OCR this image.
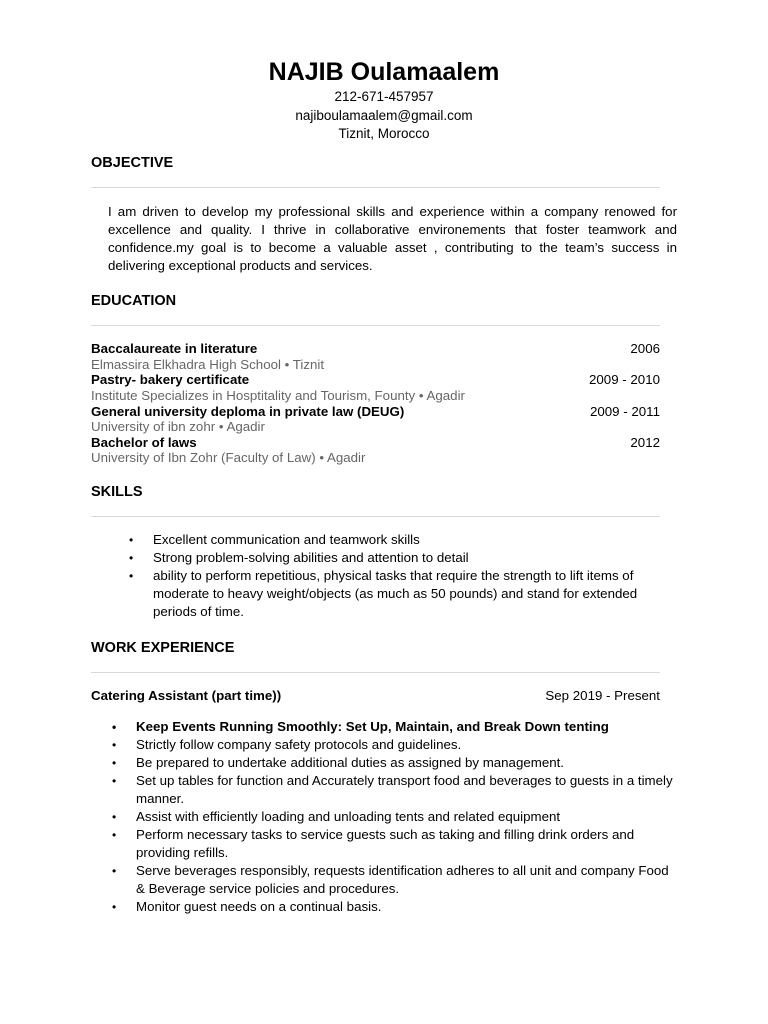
NAJIB Oulamaalem
212-671-457957
najiboulamaalem@gmail.com
Tiznit, Morocco
OBJECTIVE

I am driven to develop my professional skills and experience within a company renowed for excellence and quality. I thrive in collaborative environements that foster teamwork and confidence.my goal is to become a valuable asset , contributing to the team’s success in delivering exceptional products and services.

EDUCATION
Baccalaureate in literature	2006
Elmassira Elkhadra High School • Tiznit
Pastry- bakery certificate	2009 - 2010
Institute Specializes in Hosptitality and Tourism, Founty • Agadir
General university deploma in private law (DEUG)	2009 - 2011
University of ibn zohr • Agadir
Bachelor of laws	2012
University of Ibn Zohr (Faculty of Law) • Agadir
SKILLS
• Excellent communication and teamwork skills
• Strong problem-solving abilities and attention to detail
• ability to perform repetitious, physical tasks that require the strength to lift items of moderate to heavy weight/objects (as much as 50 pounds) and stand for extended periods of time.
WORK EXPERIENCE
Catering Assistant (part time))	Sep 2019 - Present
• Keep Events Running Smoothly: Set Up, Maintain, and Break Down tenting
• Strictly follow company safety protocols and guidelines.
• Be prepared to undertake additional duties as assigned by management.
• Set up tables for function and Accurately transport food and beverages to guests in a timely manner.
• Assist with efficiently loading and unloading tents and related equipment
• Perform necessary tasks to service guests such as taking and filling drink orders and providing refills.
• Serve beverages responsibly, requests identification adheres to all unit and company Food & Beverage service policies and procedures.
• Monitor guest needs on a continual basis.
